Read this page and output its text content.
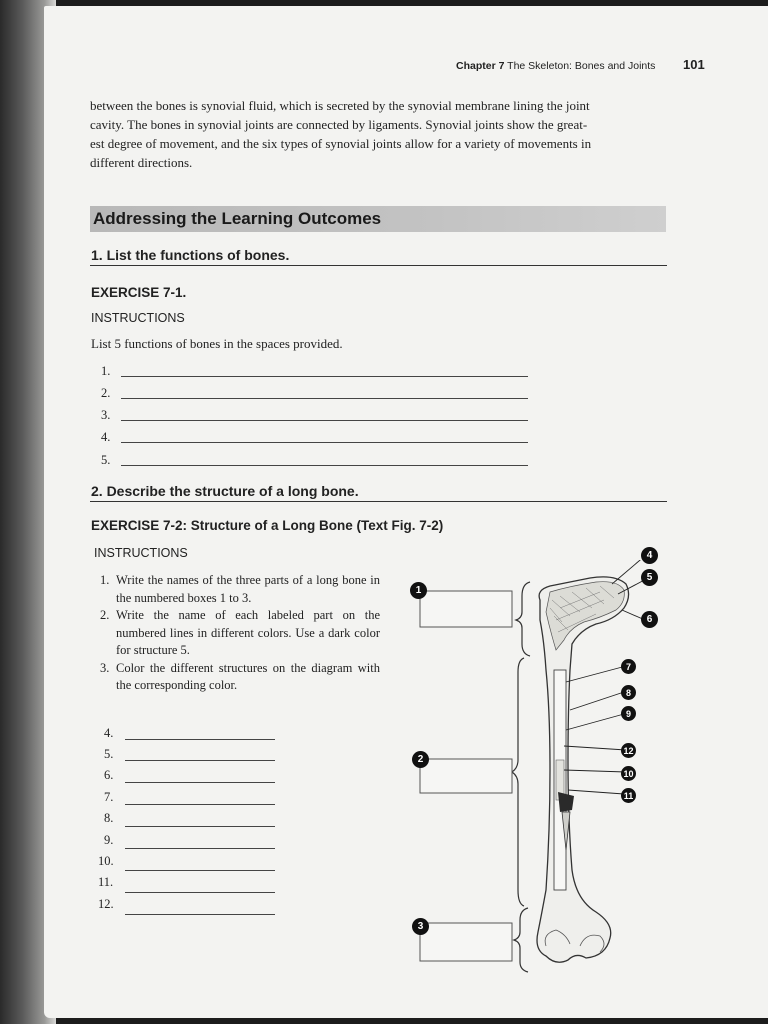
Chapter 7 The Skeleton: Bones and Joints 101
between the bones is synovial fluid, which is secreted by the synovial membrane lining the joint
cavity. The bones in synovial joints are connected by ligaments. Synovial joints show the great-
est degree of movement, and the six types of synovial joints allow for a variety of movements in
different directions.
Addressing the Learning Outcomes
1. List the functions of bones.
EXERCISE 7-1.
INSTRUCTIONS
List 5 functions of bones in the spaces provided.
1.
2.
3.
4.
5.
2. Describe the structure of a long bone.
EXERCISE 7-2: Structure of a Long Bone (Text Fig. 7-2)
INSTRUCTIONS
1. Write the names of the three parts of a long bone in the numbered boxes 1 to 3.
2. Write the name of each labeled part on the numbered lines in different colors. Use a dark color for structure 5.
3. Color the different structures on the diagram with the corresponding color.
4.
5.
6.
7.
8.
9.
10.
11.
12.
1
2
3
4
5
6
7
8
9
12
10
11
